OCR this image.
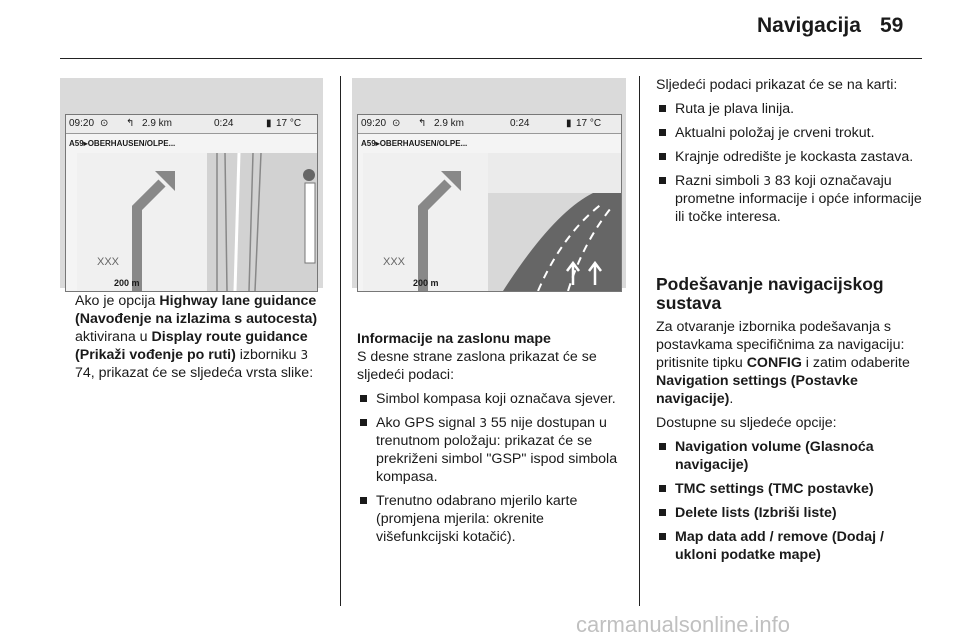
Navigacija 59
09:20 ⊙ ↰ 2.9 km	0:24	▮ 17 °C
A59▸OBERHAUSEN/OLPE...
XXX
200 m
09:20 ⊙ ↰ 2.9 km	0:24	▮ 17 °C
A59▸OBERHAUSEN/OLPE...
XXX
200 m
Ako je opcija Highway lane guidance (Navođenje na izlazima s autocesta) aktivirana u Display route guidance (Prikaži vođenje po ruti) izborniku 3 74, prikazat će se sljedeća vrsta slike:
Informacije na zaslonu mape
S desne strane zaslona prikazat će se sljedeći podaci:
Simbol kompasa koji označava sjever.
Ako GPS signal 3 55 nije dostupan u trenutnom položaju: prikazat će se prekriženi simbol "GSP" ispod simbola kompasa.
Trenutno odabrano mjerilo karte (promjena mjerila: okrenite višefunkcijski kotačić).
Sljedeći podaci prikazat će se na karti:
Ruta je plava linija.
Aktualni položaj je crveni trokut.
Krajnje odredište je kockasta zastava.
Razni simboli 3 83 koji označavaju prometne informacije i opće informacije ili točke interesa.
Podešavanje navigacijskog sustava
Za otvaranje izbornika podešavanja s postavkama specifičnima za navigaciju: pritisnite tipku CONFIG i zatim odaberite Navigation settings (Postavke navigacije).
Dostupne su sljedeće opcije:
Navigation volume (Glasnoća navigacije)
TMC settings (TMC postavke)
Delete lists (Izbriši liste)
Map data add / remove (Dodaj / ukloni podatke mape)
carmanualsonline.info
